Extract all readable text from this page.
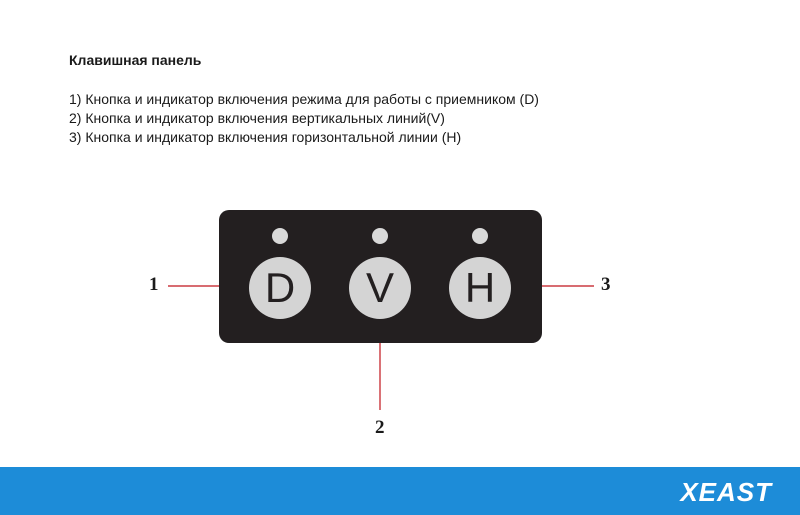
Клавишная панель
1) Кнопка и индикатор включения режима для работы с приемником (D)
2) Кнопка и индикатор включения вертикальных линий(V)
3) Кнопка и индикатор включения горизонтальной линии (H)
D V H
1
2
3
XEAST
